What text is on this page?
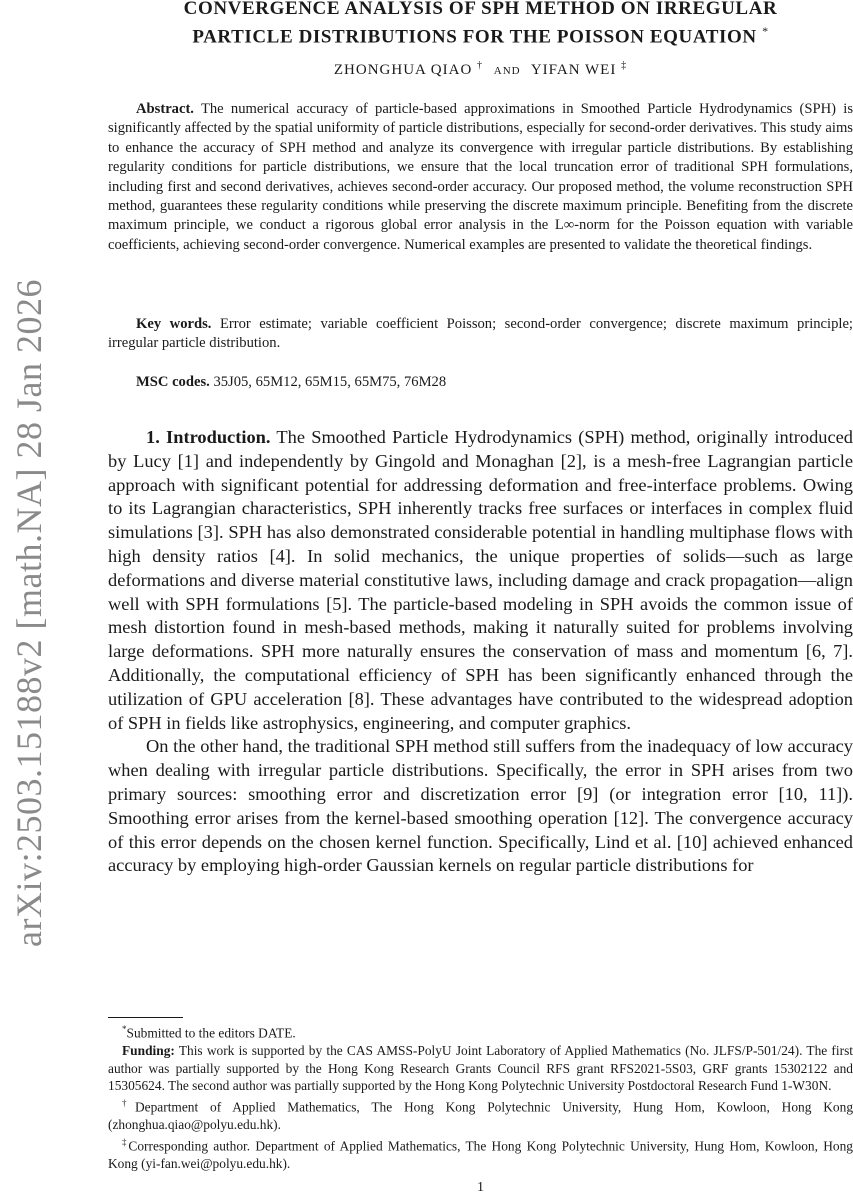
arXiv:2503.15188v2 [math.NA] 28 Jan 2026
CONVERGENCE ANALYSIS OF SPH METHOD ON IRREGULAR
PARTICLE DISTRIBUTIONS FOR THE POISSON EQUATION *
ZHONGHUA QIAO † AND YIFAN WEI ‡
Abstract. The numerical accuracy of particle-based approximations in Smoothed Particle Hydrodynamics (SPH) is significantly affected by the spatial uniformity of particle distributions, especially for second-order derivatives. This study aims to enhance the accuracy of SPH method and analyze its convergence with irregular particle distributions. By establishing regularity conditions for particle distributions, we ensure that the local truncation error of traditional SPH formulations, including first and second derivatives, achieves second-order accuracy. Our proposed method, the volume reconstruction SPH method, guarantees these regularity conditions while preserving the discrete maximum principle. Benefiting from the discrete maximum principle, we conduct a rigorous global error analysis in the L∞-norm for the Poisson equation with variable coefficients, achieving second-order convergence. Numerical examples are presented to validate the theoretical findings.
Key words. Error estimate; variable coefficient Poisson; second-order convergence; discrete maximum principle; irregular particle distribution.
MSC codes. 35J05, 65M12, 65M15, 65M75, 76M28

1. Introduction. The Smoothed Particle Hydrodynamics (SPH) method, originally introduced by Lucy [1] and independently by Gingold and Monaghan [2], is a mesh-free Lagrangian particle approach with significant potential for addressing deformation and free-interface problems. Owing to its Lagrangian characteristics, SPH inherently tracks free surfaces or interfaces in complex fluid simulations [3]. SPH has also demonstrated considerable potential in handling multiphase flows with high density ratios [4]. In solid mechanics, the unique properties of solids—such as large deformations and diverse material constitutive laws, including damage and crack propagation—align well with SPH formulations [5]. The particle-based modeling in SPH avoids the common issue of mesh distortion found in mesh-based methods, making it naturally suited for problems involving large deformations. SPH more naturally ensures the conservation of mass and momentum [6, 7]. Additionally, the computational efficiency of SPH has been significantly enhanced through the utilization of GPU acceleration [8]. These advantages have contributed to the widespread adoption of SPH in fields like astrophysics, engineering, and computer graphics.

On the other hand, the traditional SPH method still suffers from the inadequacy of low accuracy when dealing with irregular particle distributions. Specifically, the error in SPH arises from two primary sources: smoothing error and discretization error [9] (or integration error [10, 11]). Smoothing error arises from the kernel-based smoothing operation [12]. The convergence accuracy of this error depends on the chosen kernel function. Specifically, Lind et al. [10] achieved enhanced accuracy by employing high-order Gaussian kernels on regular particle distributions for

*Submitted to the editors DATE.

Funding: This work is supported by the CAS AMSS-PolyU Joint Laboratory of Applied Mathematics (No. JLFS/P-501/24). The first author was partially supported by the Hong Kong Research Grants Council RFS grant RFS2021-5S03, GRF grants 15302122 and 15305624. The second author was partially supported by the Hong Kong Polytechnic University Postdoctoral Research Fund 1-W30N.

†Department of Applied Mathematics, The Hong Kong Polytechnic University, Hung Hom, Kowloon, Hong Kong (zhonghua.qiao@polyu.edu.hk).

‡Corresponding author. Department of Applied Mathematics, The Hong Kong Polytechnic University, Hung Hom, Kowloon, Hong Kong (yi-fan.wei@polyu.edu.hk).

1
